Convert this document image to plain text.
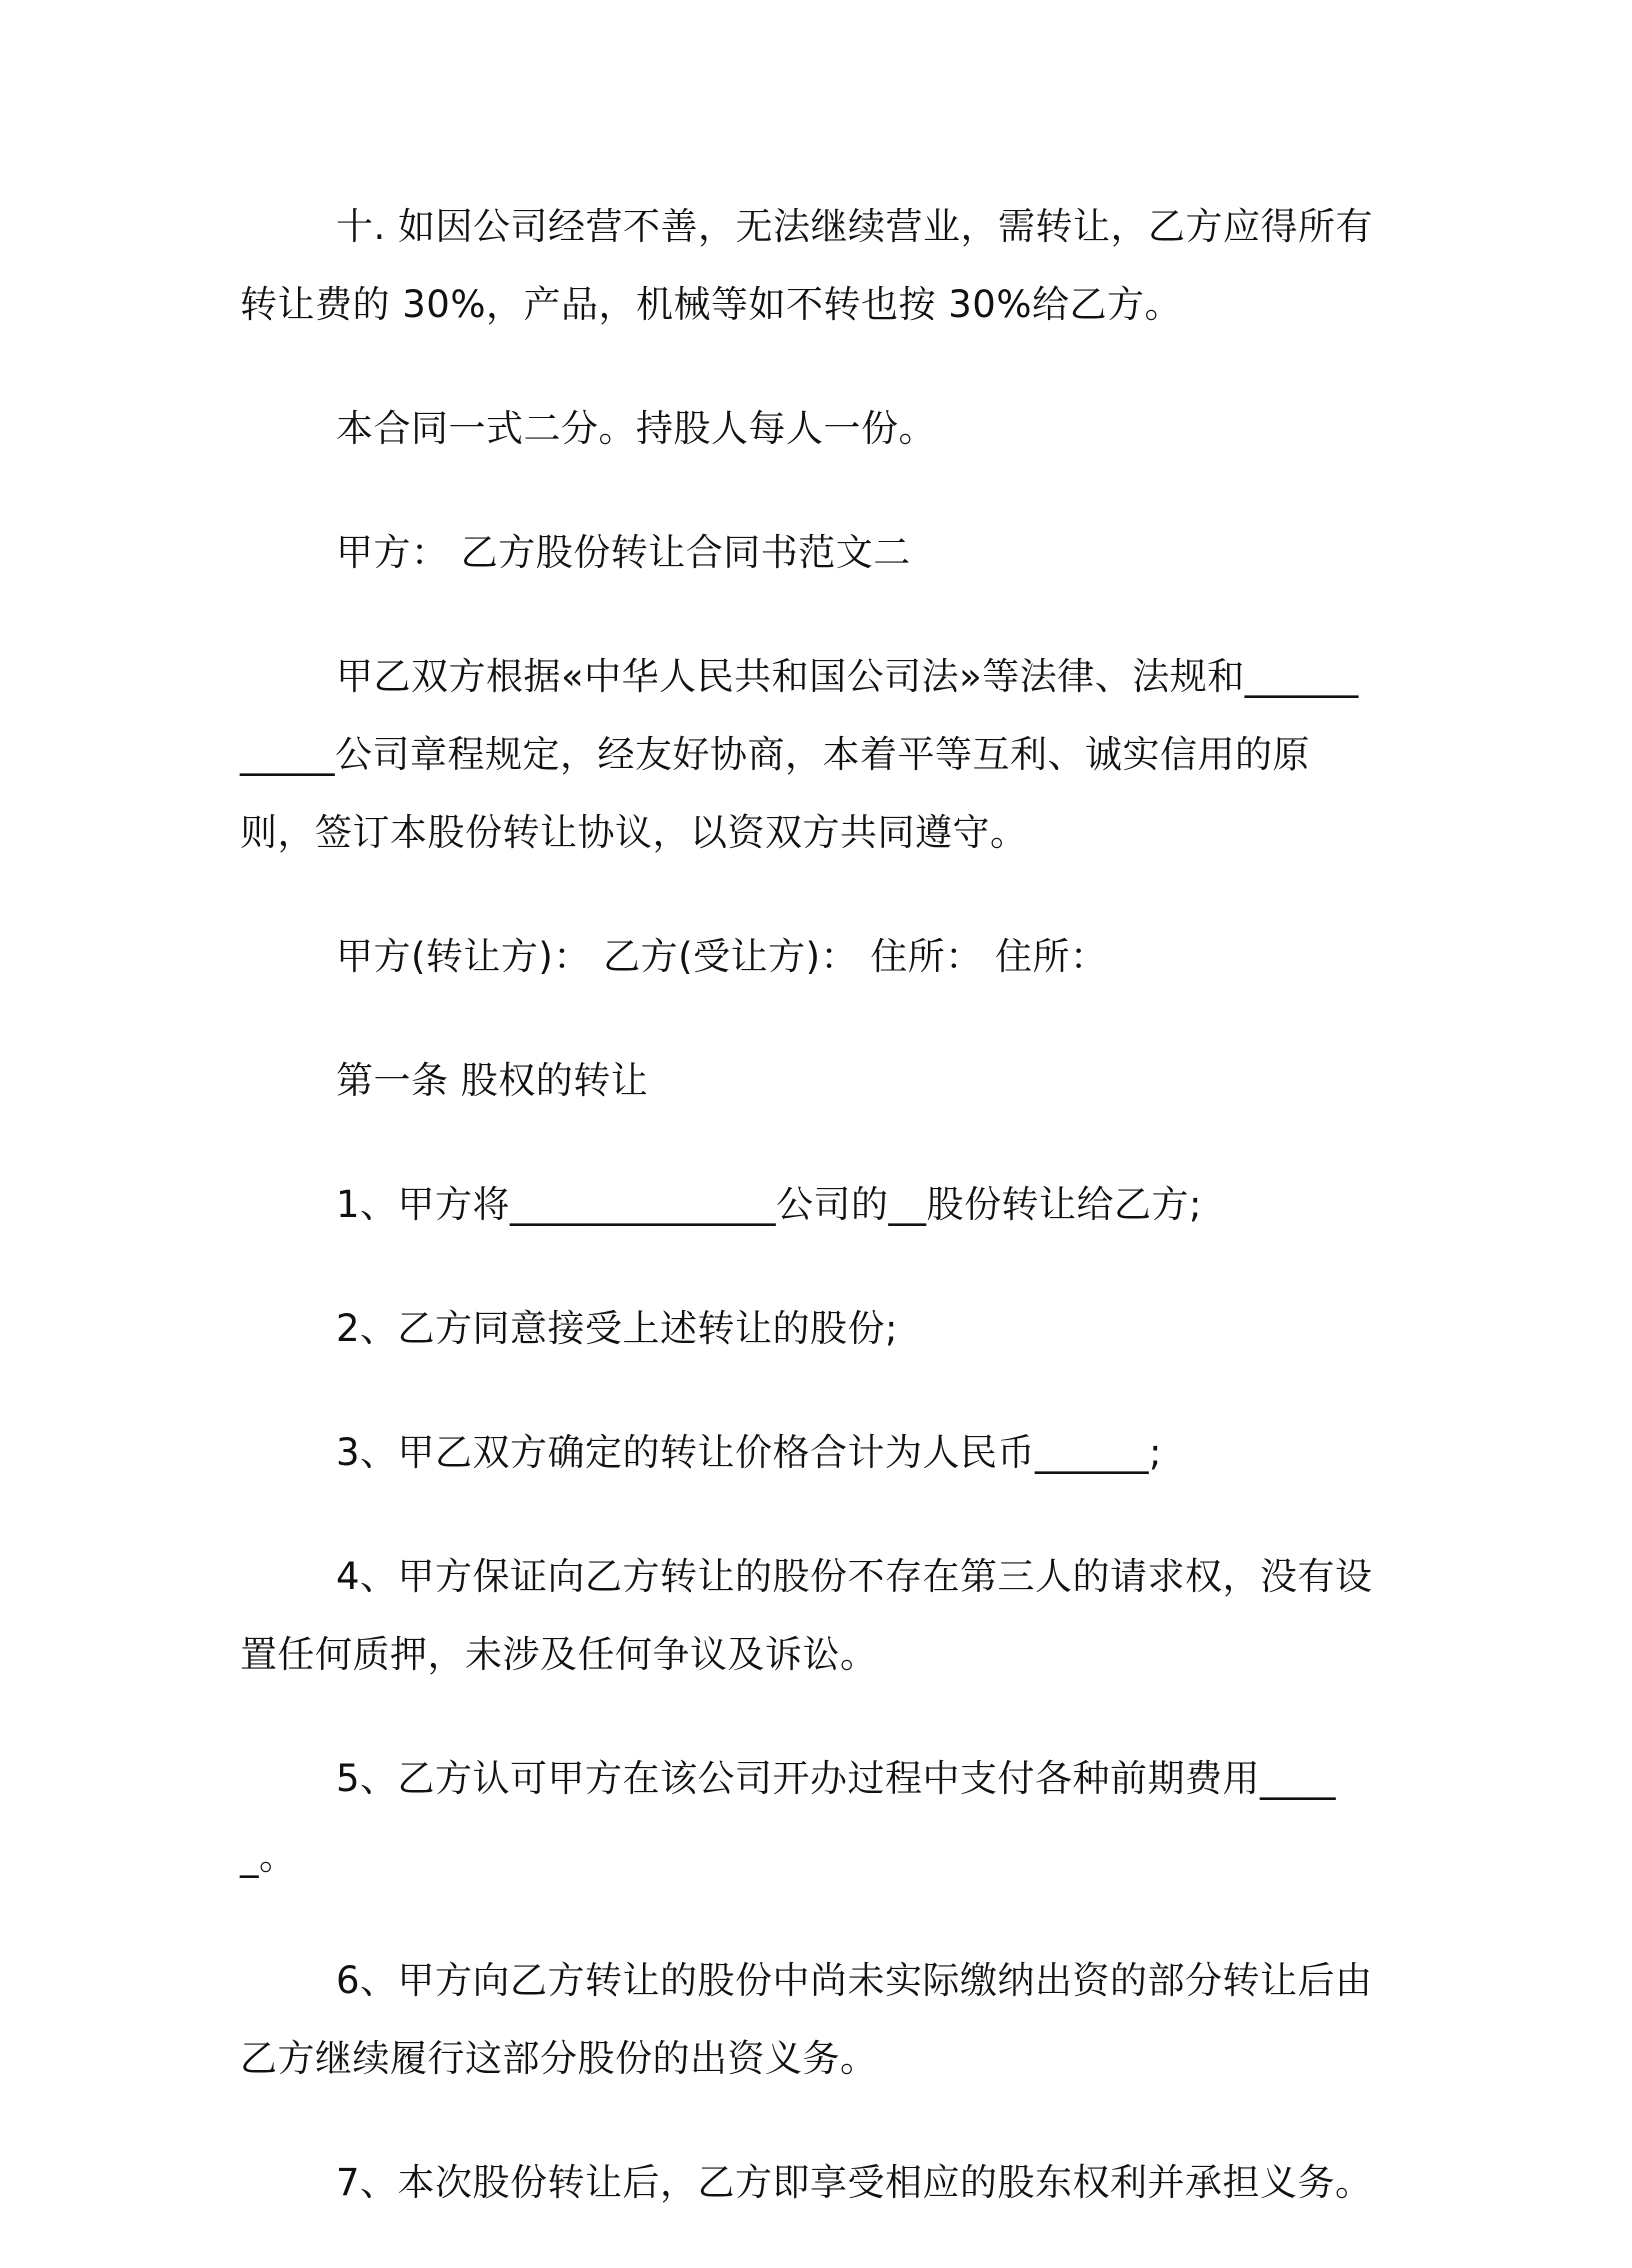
十. 如因公司经营不善，无法继续营业，需转让，乙方应得所有转让费的 30%，产品，机械等如不转也按 30%给乙方。

本合同一式二分。持股人每人一份。

甲方： 乙方股份转让合同书范文二

甲乙双方根据«中华人民共和国公司法»等法律、法规和___________公司章程规定，经友好协商，本着平等互利、诚实信用的原则，签订本股份转让协议，以资双方共同遵守。

甲方(转让方)： 乙方(受让方)： 住所： 住所：

第一条 股权的转让

1、甲方将______________公司的__股份转让给乙方;

2、乙方同意接受上述转让的股份;

3、甲乙双方确定的转让价格合计为人民币______;

4、甲方保证向乙方转让的股份不存在第三人的请求权，没有设置任何质押，未涉及任何争议及诉讼。

5、乙方认可甲方在该公司开办过程中支付各种前期费用_____。

6、甲方向乙方转让的股份中尚未实际缴纳出资的部分转让后由乙方继续履行这部分股份的出资义务。

7、本次股份转让后，乙方即享受相应的股东权利并承担义务。
